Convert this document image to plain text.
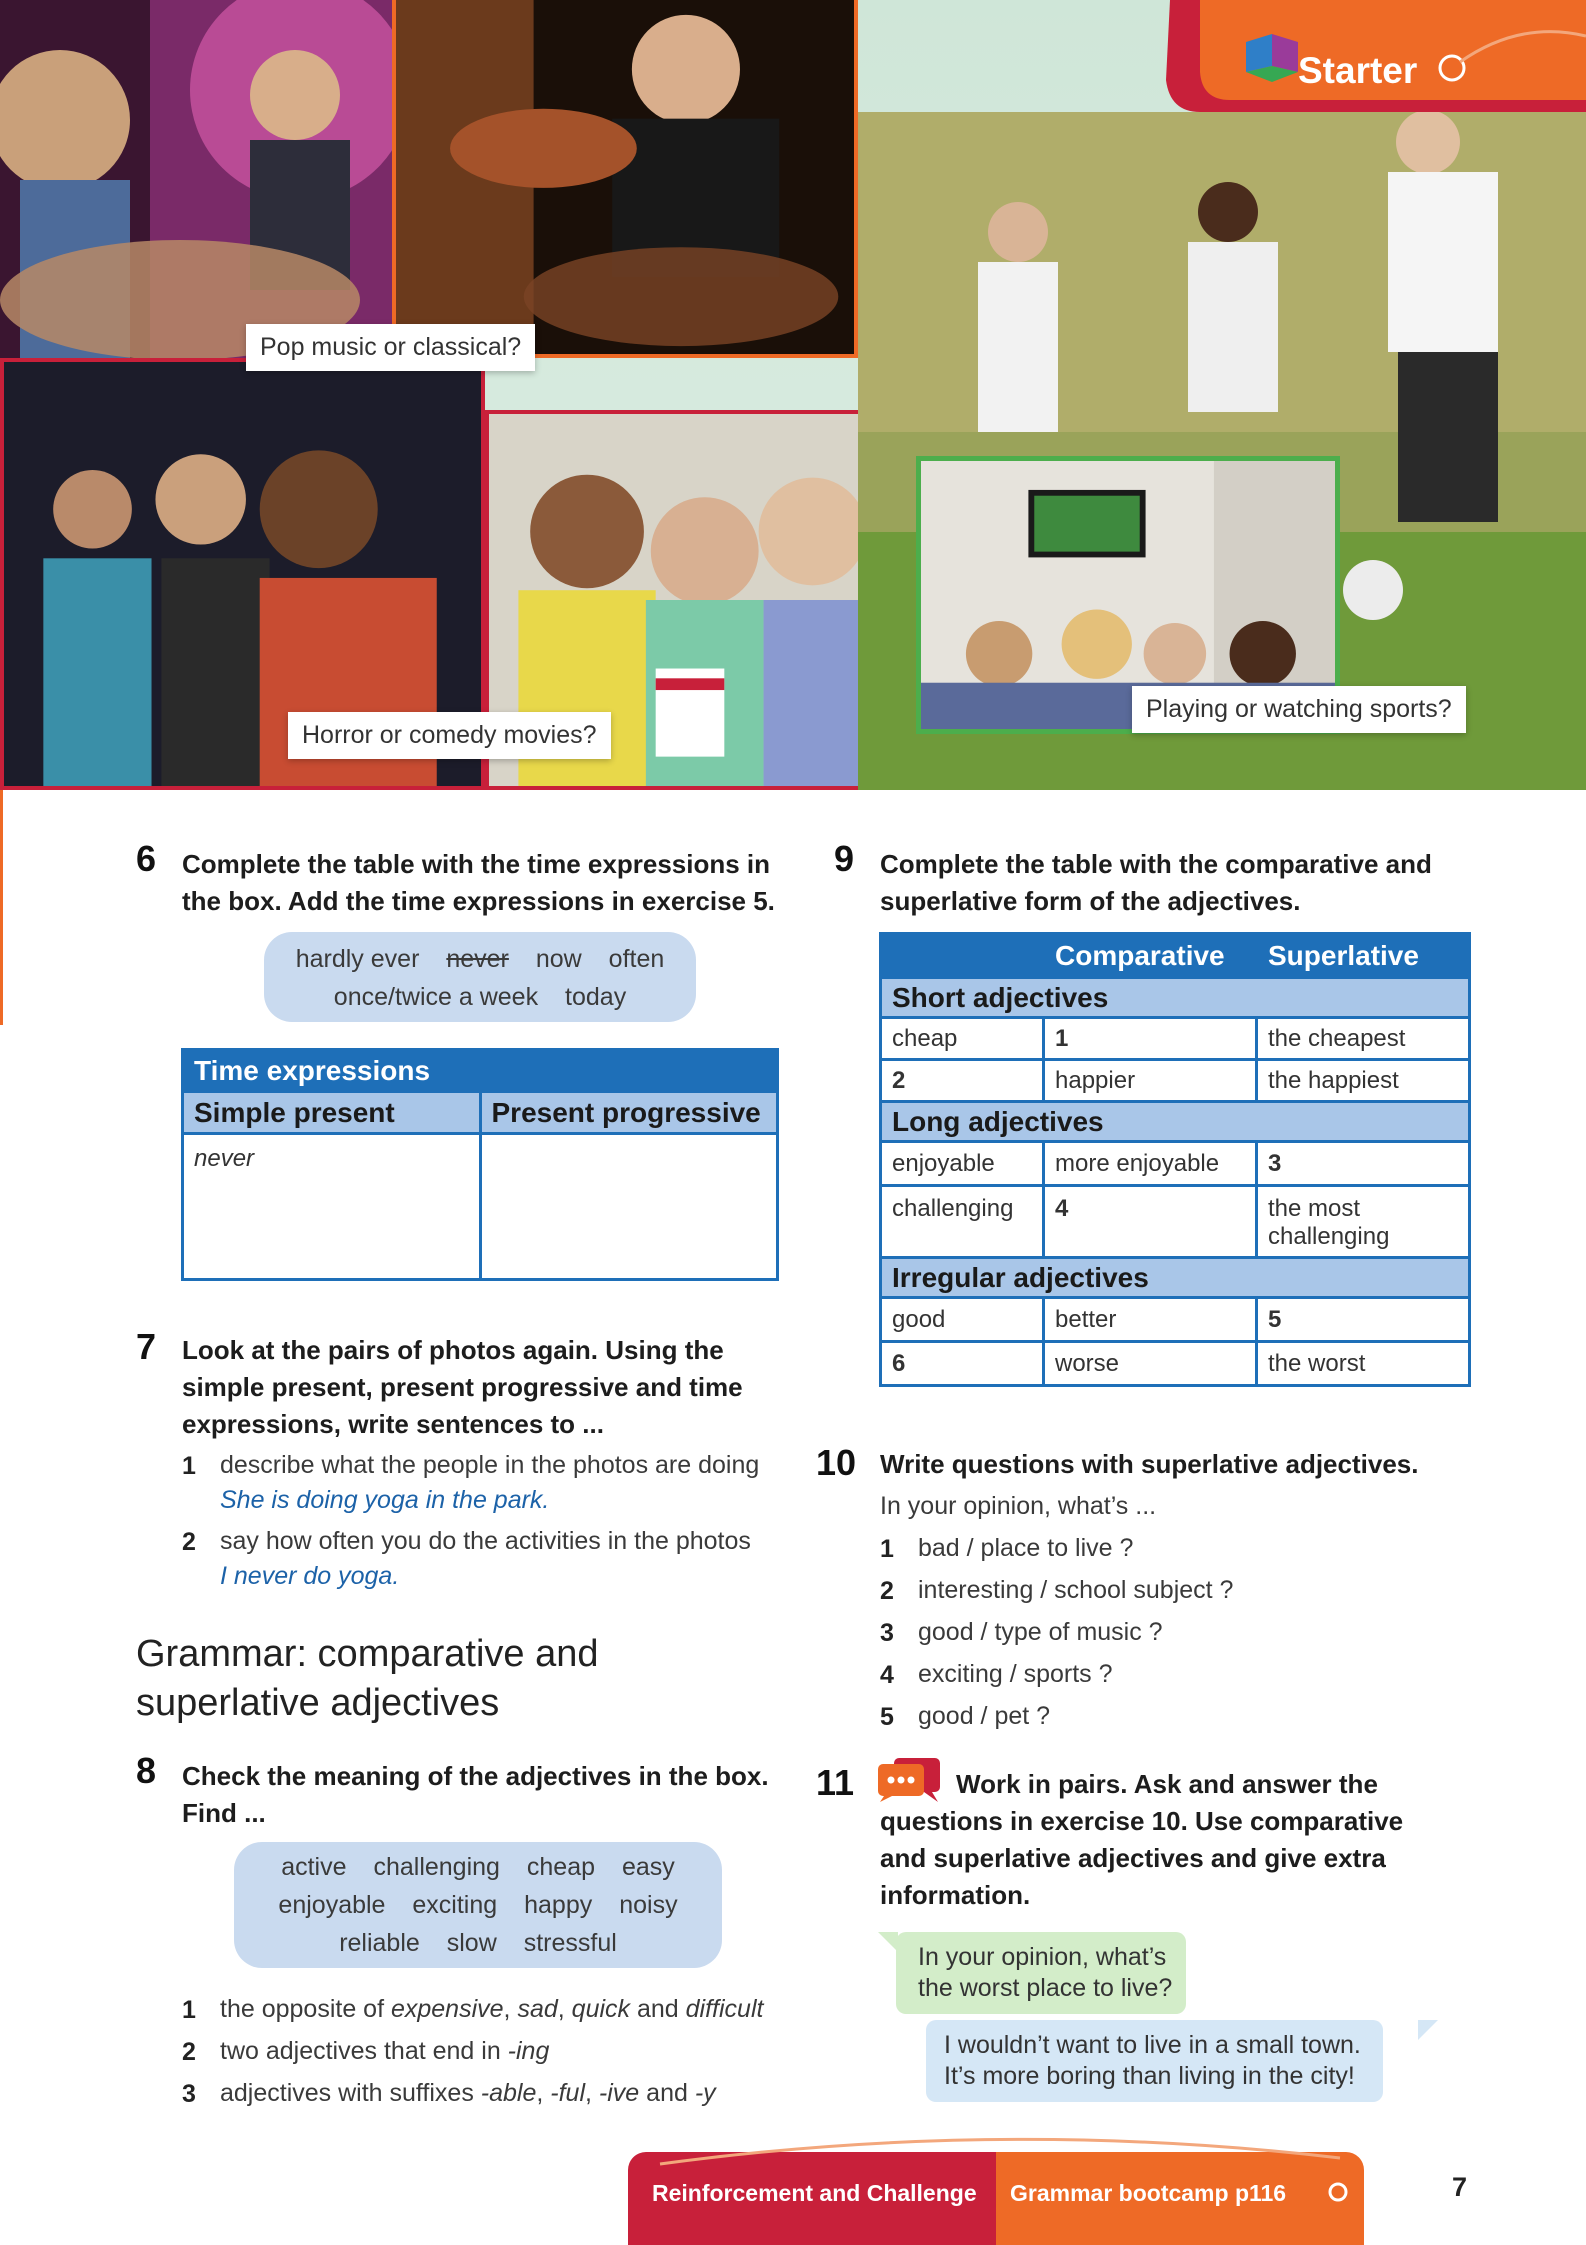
Starter
Pop music or classical?
Horror or comedy movies?
Playing or watching sports?
6 Complete the table with the time expressions in the box. Add the time expressions in exercise 5.
hardly ever never now often
once/twice a week today
Time expressions	
Simple present	Present progressive
never	
7 Look at the pairs of photos again. Using the simple present, present progressive and time expressions, write sentences to ...
1 describe what the people in the photos are doing
She is doing yoga in the park.
2 say how often you do the activities in the photos
I never do yoga.
Grammar: comparative and
superlative adjectives
8 Check the meaning of the adjectives in the box.
Find ...
active challenging cheap easy
enjoyable exciting happy noisy
reliable slow stressful
1 the opposite of expensive, sad, quick and difficult
2 two adjectives that end in -ing
3 adjectives with suffixes -able, -ful, -ive and -y
9 Complete the table with the comparative and superlative form of the adjectives.
	Comparative	Superlative
Short adjectives		
cheap	1	the cheapest
2	happier	the happiest
Long adjectives		
enjoyable	more enjoyable	3
challenging	4	the most challenging
Irregular adjectives		
good	better	5
6	worse	the worst
10 Write questions with superlative adjectives.
In your opinion, what’s ...
1 bad / place to live ?
2 interesting / school subject ?
3 good / type of music ?
4 exciting / sports ?
5 good / pet ?
11	Work in pairs. Ask and answer the
questions in exercise 10. Use comparative and superlative adjectives and give extra information.
In your opinion, what’s
the worst place to live?
I wouldn’t want to live in a small town.
It’s more boring than living in the city!
Reinforcement and Challenge Grammar bootcamp p116	7
